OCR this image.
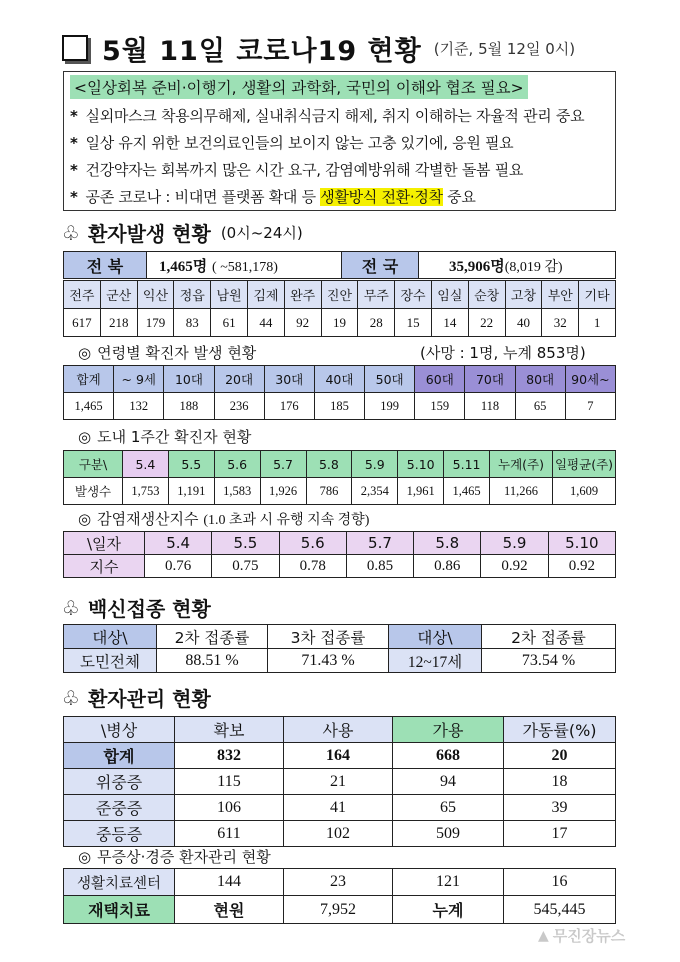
5월 11일 코로나19 현황 (기준, 5월 12일 0시)
<일상회복 준비·이행기, 생활의 과학화, 국민의 이해와 협조 필요>
* 실외마스크 착용의무해제, 실내취식금지 해제, 취지 이해하는 자율적 관리 중요
* 일상 유지 위한 보건의료인들의 보이지 않는 고충 있기에, 응원 필요
* 건강약자는 회복까지 많은 시간 요구, 감염예방위해 각별한 돌봄 필요
* 공존 코로나 : 비대면 플랫폼 확대 등 생활방식 전환·정착 중요
♧ 환자발생 현황 (0시~24시)
전 북	1,465명 ( ~581,178)	전 국	35,906명(8,019 감)
전주	군산	익산	정읍	남원	김제	완주	진안	무주	장수	임실	순창	고창	부안	기타
617	218	179	83	61	44	92	19	28	15	14	22	40	32	1
◎ 연령별 확진자 발생 현황	(사망 : 1명, 누계 853명)
합계	~ 9세	10대	20대	30대	40대	50대	60대	70대	80대	90세~
1,465	132	188	236	176	185	199	159	118	65	7
◎ 도내 1주간 확진자 현황
구분\	5.4	5.5	5.6	5.7	5.8	5.9	5.10	5.11	누계(주)	일평균(주)
발생수	1,753	1,191	1,583	1,926	786	2,354	1,961	1,465	11,266	1,609
◎ 감염재생산지수 (1.0 초과 시 유행 지속 경향)
\일자	5.4	5.5	5.6	5.7	5.8	5.9	5.10
지수	0.76	0.75	0.78	0.85	0.86	0.92	0.92
♧ 백신접종 현황
대상\	2차 접종률	3차 접종률	대상\	2차 접종률
도민전체	88.51 %	71.43 %	12~17세	73.54 %
♧ 환자관리 현황
\병상	확보	사용	가용	가동률(%)
합계	832	164	668	20
위중증	115	21	94	18
준중증	106	41	65	39
중등증	611	102	509	17
◎ 무증상·경증 환자관리 현황
생활치료센터	144	23	121	16
재택치료	현원	7,952	누계	545,445
▲ 무진장뉴스
